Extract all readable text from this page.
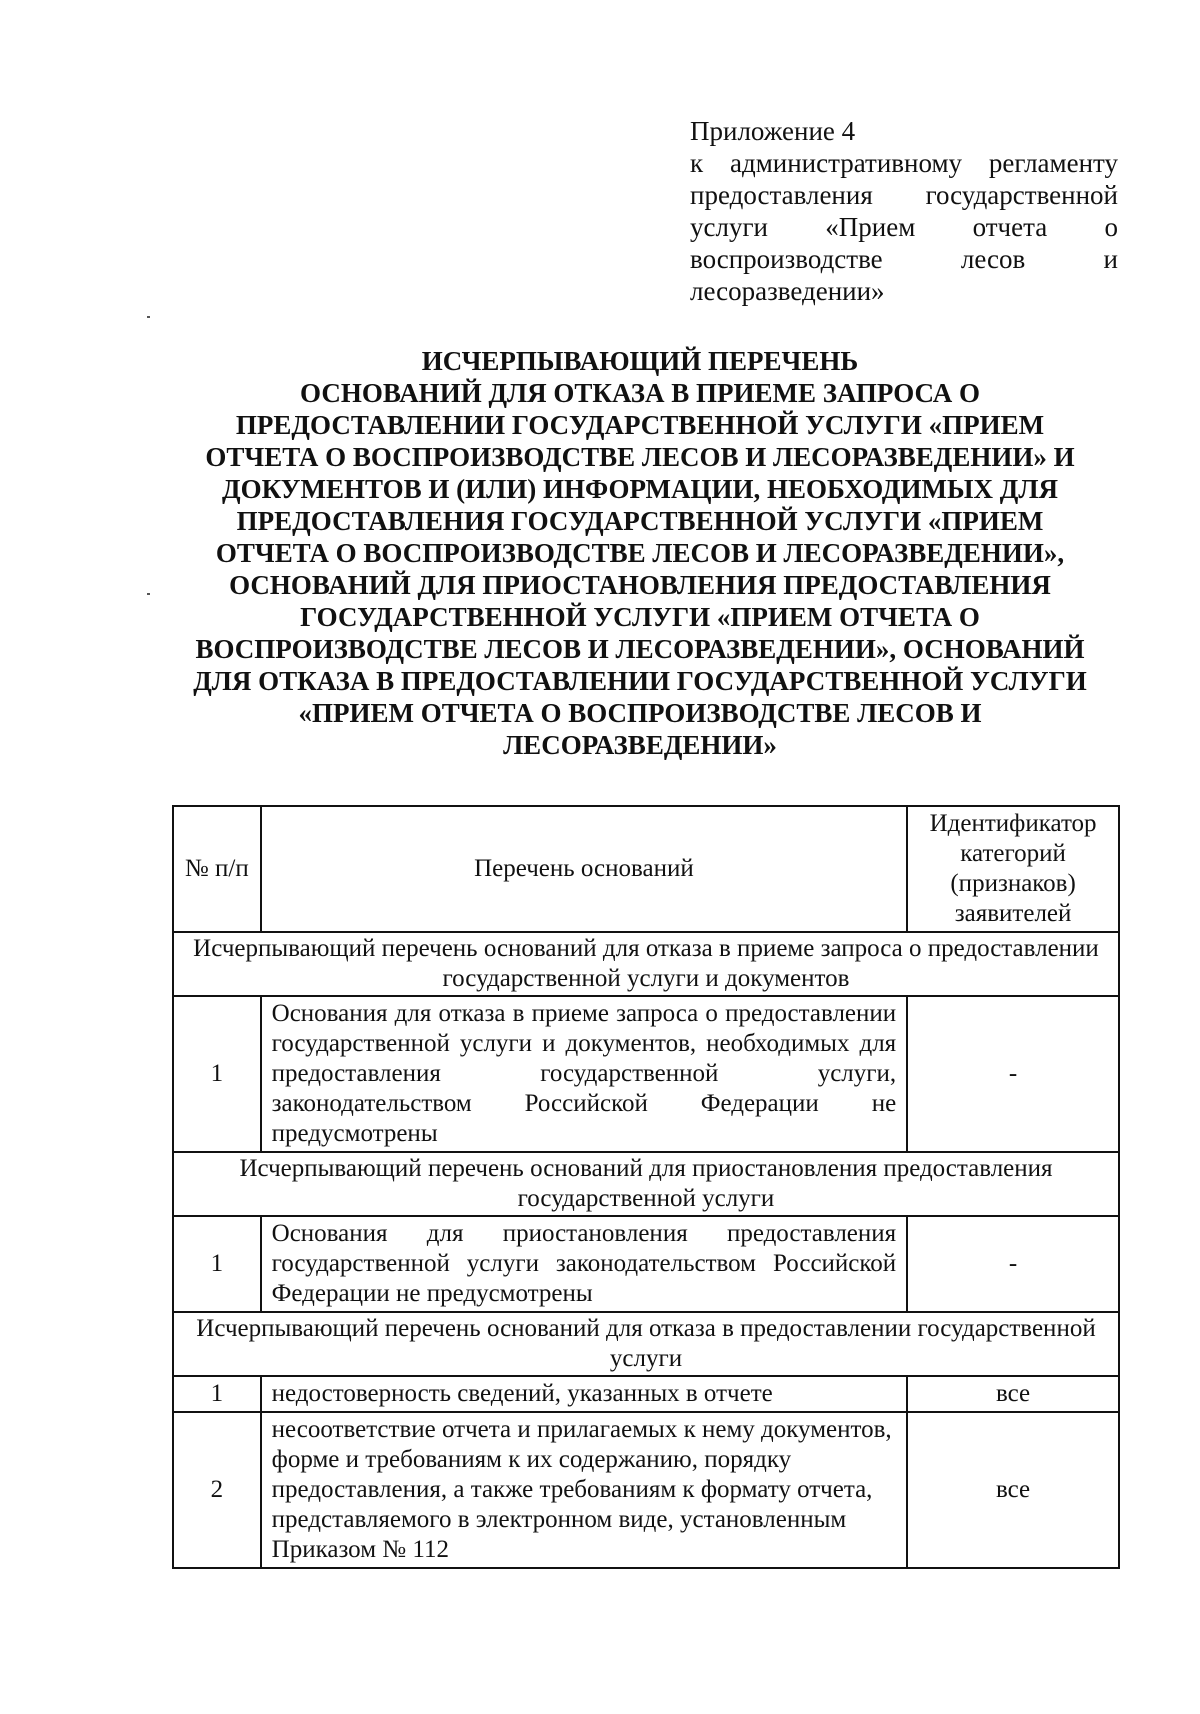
Приложение 4
к административному регламенту
предоставления государственной
услуги «Прием отчета о
воспроизводстве лесов и
лесоразведении»
ИСЧЕРПЫВАЮЩИЙ ПЕРЕЧЕНЬ
ОСНОВАНИЙ ДЛЯ ОТКАЗА В ПРИЕМЕ ЗАПРОСА О
ПРЕДОСТАВЛЕНИИ ГОСУДАРСТВЕННОЙ УСЛУГИ «ПРИЕМ
ОТЧЕТА О ВОСПРОИЗВОДСТВЕ ЛЕСОВ И ЛЕСОРАЗВЕДЕНИИ» И
ДОКУМЕНТОВ И (ИЛИ) ИНФОРМАЦИИ, НЕОБХОДИМЫХ ДЛЯ
ПРЕДОСТАВЛЕНИЯ ГОСУДАРСТВЕННОЙ УСЛУГИ «ПРИЕМ
ОТЧЕТА О ВОСПРОИЗВОДСТВЕ ЛЕСОВ И ЛЕСОРАЗВЕДЕНИИ»,
ОСНОВАНИЙ ДЛЯ ПРИОСТАНОВЛЕНИЯ ПРЕДОСТАВЛЕНИЯ
ГОСУДАРСТВЕННОЙ УСЛУГИ «ПРИЕМ ОТЧЕТА О
ВОСПРОИЗВОДСТВЕ ЛЕСОВ И ЛЕСОРАЗВЕДЕНИИ», ОСНОВАНИЙ
ДЛЯ ОТКАЗА В ПРЕДОСТАВЛЕНИИ ГОСУДАРСТВЕННОЙ УСЛУГИ
«ПРИЕМ ОТЧЕТА О ВОСПРОИЗВОДСТВЕ ЛЕСОВ И
ЛЕСОРАЗВЕДЕНИИ»
№ п/п	Перечень оснований	Идентификатор категорий (признаков) заявителей
Исчерпывающий перечень оснований для отказа в приеме запроса о предоставлении государственной услуги и документов		
1	Основания для отказа в приеме запроса о предоставлении государственной услуги и документов, необходимых для предоставления государственной услуги, законодательством Российской Федерации не предусмотрены	-
Исчерпывающий перечень оснований для приостановления предоставления государственной услуги		
1	Основания для приостановления предоставления государственной услуги законодательством Российской Федерации не предусмотрены	-
Исчерпывающий перечень оснований для отказа в предоставлении государственной услуги		
1	недостоверность сведений, указанных в отчете	все
2	несоответствие отчета и прилагаемых к нему документов, форме и требованиям к их содержанию, порядку предоставления, а также требованиям к формату отчета, представляемого в электронном виде, установленным Приказом № 112	все
